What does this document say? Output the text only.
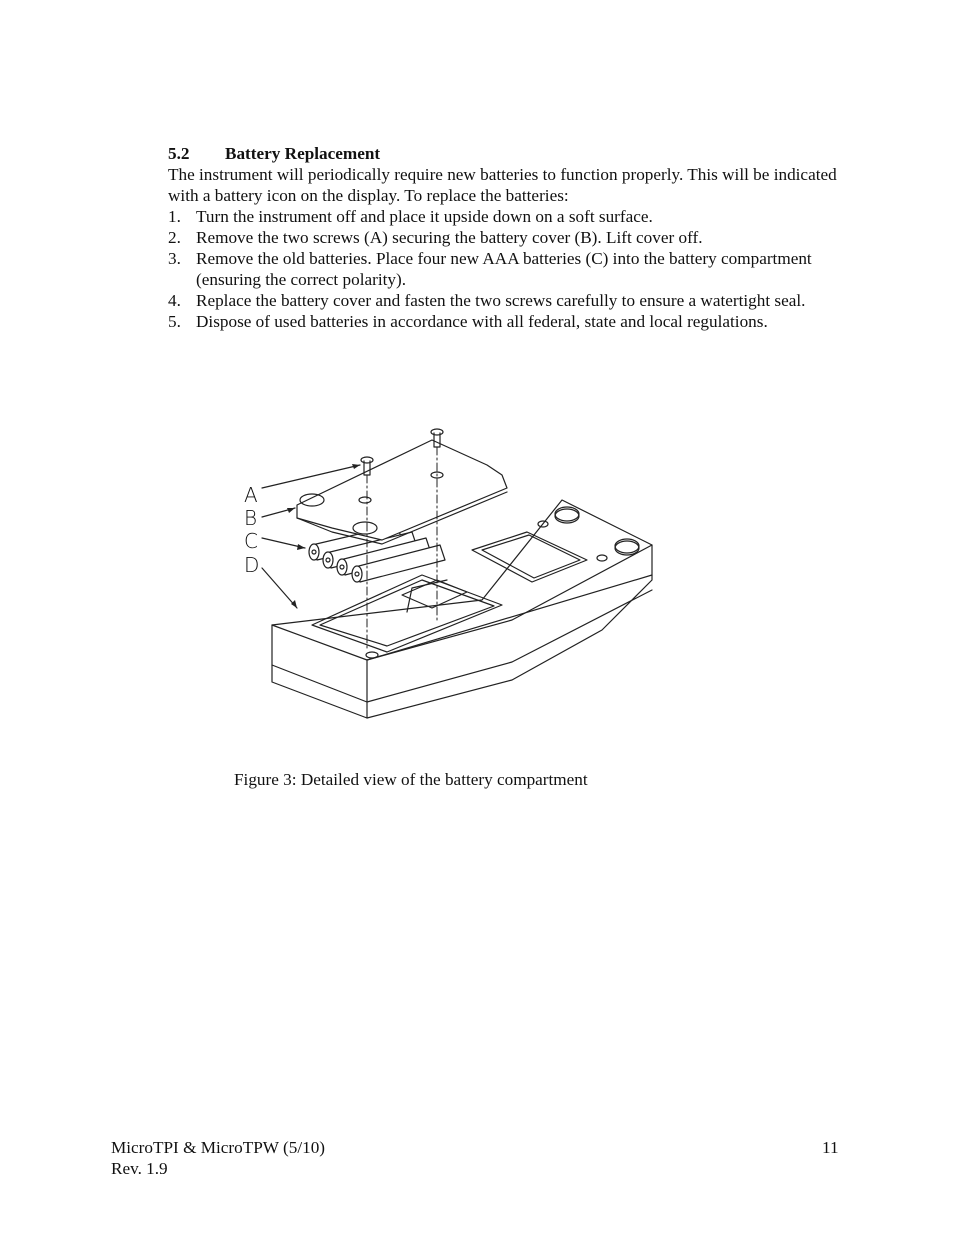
5.2 Battery Replacement

The instrument will periodically require new batteries to function properly. This will be indicated with a battery icon on the display. To replace the batteries:

1. Turn the instrument off and place it upside down on a soft surface.
2. Remove the two screws (A) securing the battery cover (B). Lift cover off.
3. Remove the old batteries. Place four new AAA batteries (C) into the battery compartment (ensuring the correct polarity).
4. Replace the battery cover and fasten the two screws carefully to ensure a watertight seal.
5. Dispose of used batteries in accordance with all federal, state and local regulations.
A
B
C
D
Figure 3: Detailed view of the battery compartment
MicroTPI & MicroTPW (5/10)
Rev. 1.9
11
